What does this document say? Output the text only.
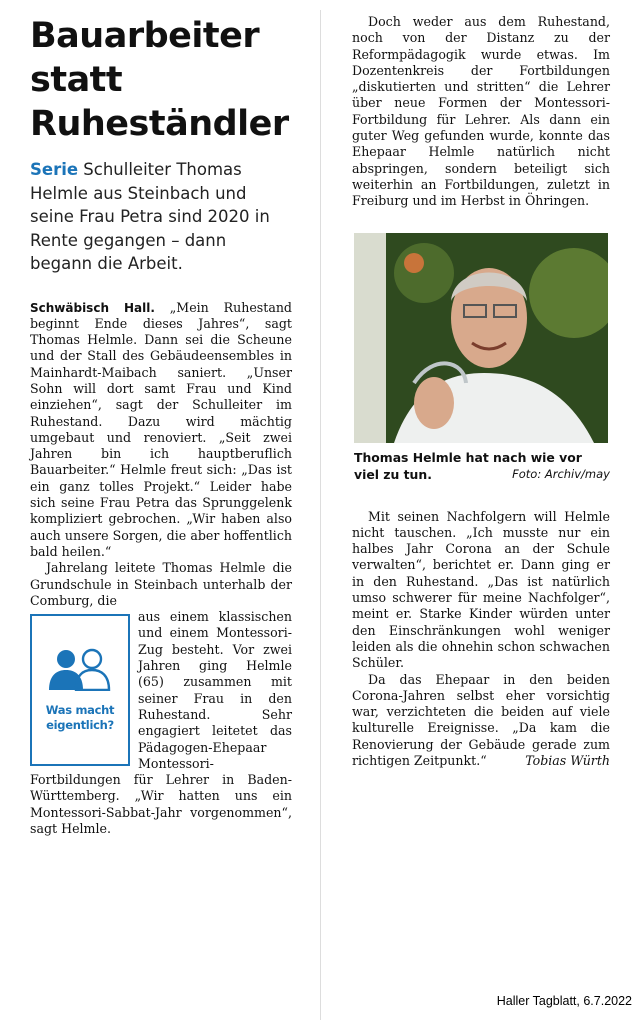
Bauarbeiter statt Ruheständler

Serie Schulleiter Thomas Helmle aus Steinbach und seine Frau Petra sind 2020 in Rente gegangen – dann begann die Arbeit.

Schwäbisch Hall. „Mein Ruhestand beginnt Ende dieses Jahres“, sagt Thomas Helmle. Dann sei die Scheune und der Stall des Gebäudeensembles in Mainhardt-Maibach saniert. „Unser Sohn will dort samt Frau und Kind einziehen“, sagt der Schulleiter im Ruhestand. Dazu wird mächtig umgebaut und renoviert. „Seit zwei Jahren bin ich hauptberuflich Bauarbeiter.“ Helmle freut sich: „Das ist ein ganz tolles Projekt.“ Leider habe sich seine Frau Petra das Sprunggelenk kompliziert gebrochen. „Wir haben also auch unsere Sorgen, die aber hoffentlich bald heilen.“

Jahrelang leitete Thomas Helmle die Grundschule in Steinbach unterhalb der Comburg, die

Was macht
eigentlich?

aus einem klassischen und einem Montessori-Zug besteht. Vor zwei Jahren ging Helmle (65) zusammen mit seiner Frau in den Ruhestand. Sehr engagiert leitetet das Pädagogen-Ehepaar Montessori-Fortbildungen für Lehrer in Baden-Württemberg. „Wir hatten uns ein Montessori-Sabbat-Jahr vorgenommen“, sagt Helmle.

Doch weder aus dem Ruhestand, noch von der Distanz zu der Reformpädagogik wurde etwas. Im Dozentenkreis der Fortbildungen „diskutierten und stritten“ die Lehrer über neue Formen der Montessori-Fortbildung für Lehrer. Als dann ein guter Weg gefunden wurde, konnte das Ehepaar Helmle natürlich nicht abspringen, sondern beteiligt sich weiterhin an Fortbildungen, zuletzt in Freiburg und im Herbst in Öhringen.

Thomas Helmle hat nach wie vor viel zu tun.	Foto: Archiv/may

Mit seinen Nachfolgern will Helmle nicht tauschen. „Ich musste nur ein halbes Jahr Corona an der Schule verwalten“, berichtet er. Dann ging er in den Ruhestand. „Das ist natürlich umso schwerer für meine Nachfolger“, meint er. Starke Kinder würden unter den Einschränkungen wohl weniger leiden als die ohnehin schon schwachen Schüler.

Da das Ehepaar in den beiden Corona-Jahren selbst eher vorsichtig war, verzichteten die beiden auf viele kulturelle Ereignisse. „Da kam die Renovierung der Gebäude gerade zum richtigen Zeitpunkt.“	Tobias Würth

Haller Tagblatt, 6.7.2022
